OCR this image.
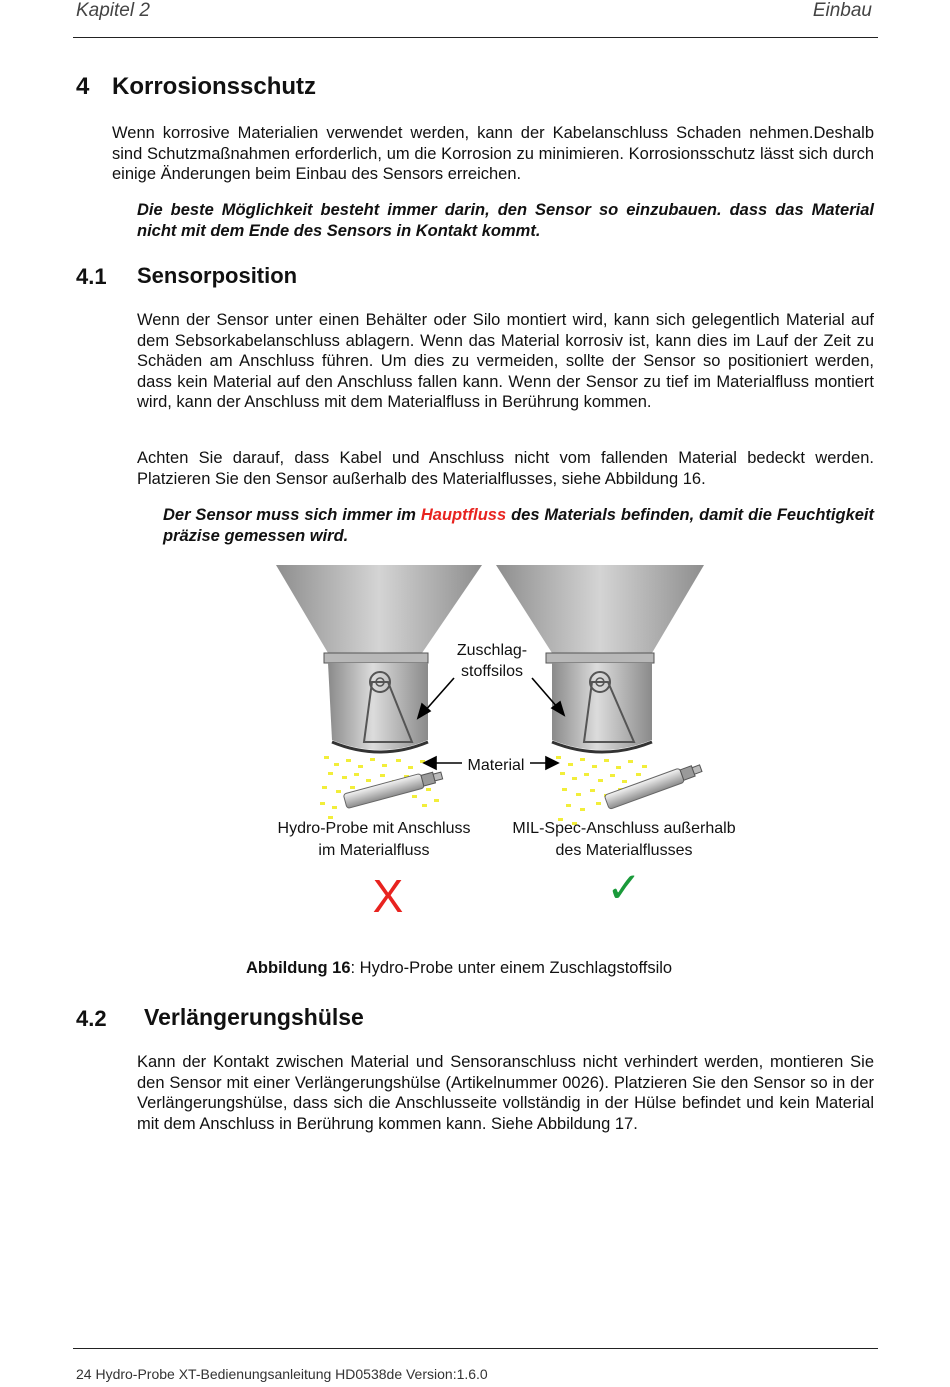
Kapitel 2	Einbau
4 Korrosionsschutz
Wenn korrosive Materialien verwendet werden, kann der Kabelanschluss Schaden nehmen.Deshalb sind Schutzmaßnahmen erforderlich, um die Korrosion zu minimieren. Korrosionsschutz lässt sich durch einige Änderungen beim Einbau des Sensors erreichen.
Die beste Möglichkeit besteht immer darin, den Sensor so einzubauen. dass das Material nicht mit dem Ende des Sensors in Kontakt kommt.
4.1 Sensorposition
Wenn der Sensor unter einen Behälter oder Silo montiert wird, kann sich gelegentlich Material auf dem Sebsorkabelanschluss ablagern. Wenn das Material korrosiv ist, kann dies im Lauf der Zeit zu Schäden am Anschluss führen. Um dies zu vermeiden, sollte der Sensor so positioniert werden, dass kein Material auf den Anschluss fallen kann. Wenn der Sensor zu tief im Materialfluss montiert wird, kann der Anschluss mit dem Materialfluss in Berührung kommen.
Achten Sie darauf, dass Kabel und Anschluss nicht vom fallenden Material bedeckt werden. Platzieren Sie den Sensor außerhalb des Materialflusses, siehe Abbildung 16.
Der Sensor muss sich immer im Hauptfluss des Materials befinden, damit die Feuchtigkeit präzise gemessen wird.
Zuschlag-
stoffsilos
Material
Hydro-Probe mit Anschluss
im Materialfluss
MIL-Spec-Anschluss außerhalb
des Materialflusses
X	✓
Abbildung 16: Hydro-Probe unter einem Zuschlagstoffsilo
4.2 Verlängerungshülse
Kann der Kontakt zwischen Material und Sensoranschluss nicht verhindert werden, montieren Sie den Sensor mit einer Verlängerungshülse (Artikelnummer 0026). Platzieren Sie den Sensor so in der Verlängerungshülse, dass sich die Anschlusseite vollständig in der Hülse befindet und kein Material mit dem Anschluss in Berührung kommen kann. Siehe Abbildung 17.
24 Hydro-Probe XT-Bedienungsanleitung HD0538de Version:1.6.0
